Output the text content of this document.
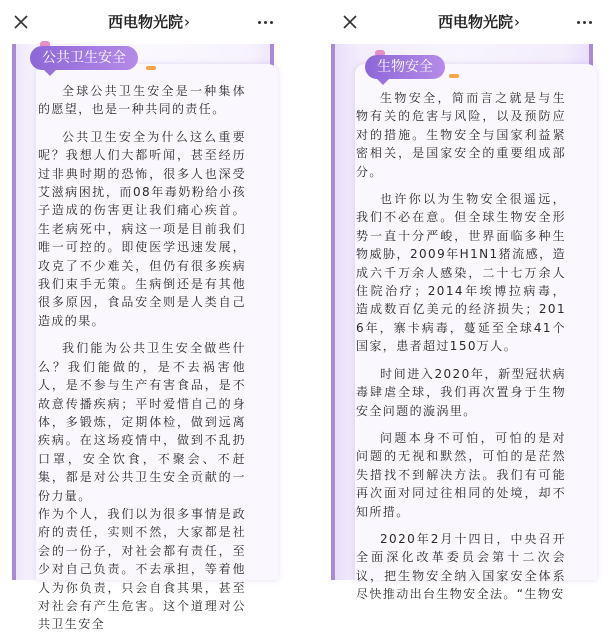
西电物光院›
公共卫生安全

全球公共卫生安全是一种集体的愿望，也是一种共同的责任。

公共卫生安全为什么这么重要呢？我想人们大都听闻，甚至经历过非典时期的恐怖，很多人也深受艾滋病困扰，而08年毒奶粉给小孩子造成的伤害更让我们痛心疾首。生老病死中，病这一项是目前我们唯一可控的。即使医学迅速发展，攻克了不少难关，但仍有很多疾病我们束手无策。生病倒还是有其他很多原因，食品安全则是人类自己造成的果。

我们能为公共卫生安全做些什么？我们能做的，是不去祸害他人，是不参与生产有害食品，是不故意传播疾病；平时爱惜自己的身体，多锻炼，定期体检，做到远离疾病。在这场疫情中，做到不乱扔口罩，安全饮食，不聚会、不赶集，都是对公共卫生安全贡献的一份力量。

作为个人，我们以为很多事情是政府的责任，实则不然，大家都是社会的一份子，对社会都有责任，至少对自己负责。不去承担，等着他人为你负责，只会自食其果，甚至对社会有产生危害。这个道理对公共卫生安全

西电物光院›
生物安全

生物安全，简而言之就是与生物有关的危害与风险，以及预防应对的措施。生物安全与国家利益紧密相关，是国家安全的重要组成部分。

也许你以为生物安全很遥远，我们不必在意。但全球生物安全形势一直十分严峻，世界面临多种生物威胁，2009年H1N1猪流感，造成六千万余人感染，二十七万余人住院治疗；2014年埃博拉病毒，造成数百亿美元的经济损失；2016年，寨卡病毒，蔓延至全球41个国家，患者超过150万人。

时间进入2020年，新型冠状病毒肆虐全球，我们再次置身于生物安全问题的漩涡里。

问题本身不可怕，可怕的是对问题的无视和默然，可怕的是茫然失措找不到解决方法。我们有可能再次面对同过往相同的处境，却不知所措。

2020年2月十四日，中央召开全面深化改革委员会第十二次会议，把生物安全纳入国家安全体系尽快推动出台生物安全法。“生物安
